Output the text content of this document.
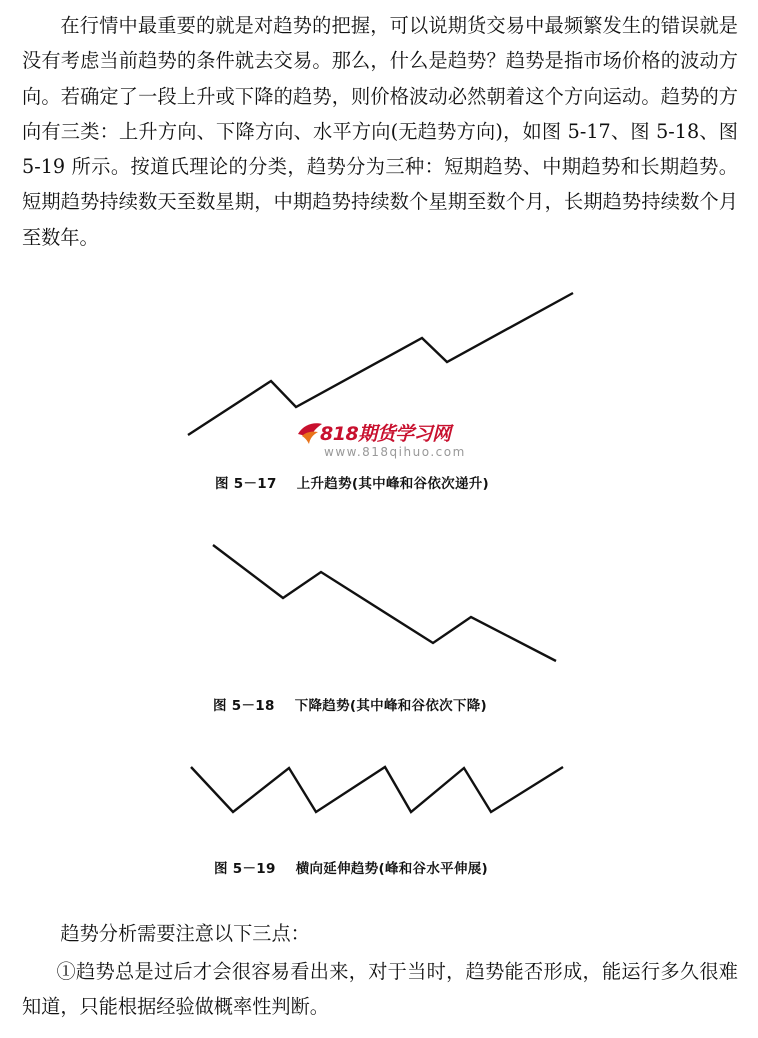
在行情中最重要的就是对趋势的把握，可以说期货交易中最频繁发生的错误就是没有考虑当前趋势的条件就去交易。那么，什么是趋势？趋势是指市场价格的波动方向。若确定了一段上升或下降的趋势，则价格波动必然朝着这个方向运动。趋势的方向有三类：上升方向、下降方向、水平方向(无趋势方向)，如图 5-17、图 5-18、图 5-19 所示。按道氏理论的分类，趋势分为三种：短期趋势、中期趋势和长期趋势。短期趋势持续数天至数星期，中期趋势持续数个星期至数个月，长期趋势持续数个月至数年。

818期货学习网
www.818qihuo.com
图 5－17 上升趋势(其中峰和谷依次递升)
图 5－18 下降趋势(其中峰和谷依次下降)
图 5－19 横向延伸趋势(峰和谷水平伸展)

趋势分析需要注意以下三点：

①趋势总是过后才会很容易看出来，对于当时，趋势能否形成，能运行多久很难知道，只能根据经验做概率性判断。
